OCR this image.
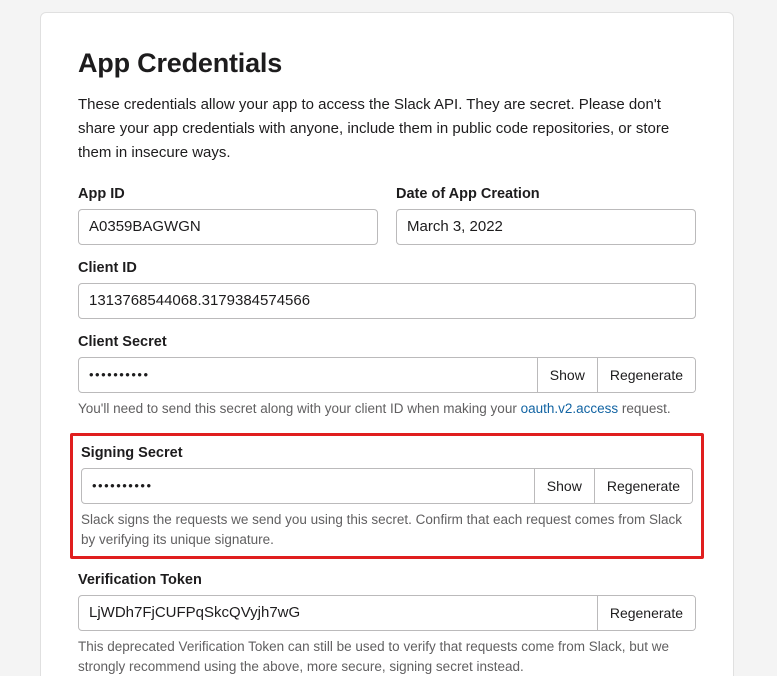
App Credentials

These credentials allow your app to access the Slack API. They are secret. Please don't share your app credentials with anyone, include them in public code repositories, or store them in insecure ways.

App ID
A0359BAGWGN
Date of App Creation
March 3, 2022
Client ID
1313768544068.3179384574566
Client Secret
••••••••••	Show	Regenerate

You'll need to send this secret along with your client ID when making your oauth.v2.access request.

Signing Secret
••••••••••	Show	Regenerate

Slack signs the requests we send you using this secret. Confirm that each request comes from Slack by verifying its unique signature.

Verification Token
LjWDh7FjCUFPqSkcQVyjh7wG	Regenerate

This deprecated Verification Token can still be used to verify that requests come from Slack, but we strongly recommend using the above, more secure, signing secret instead.
